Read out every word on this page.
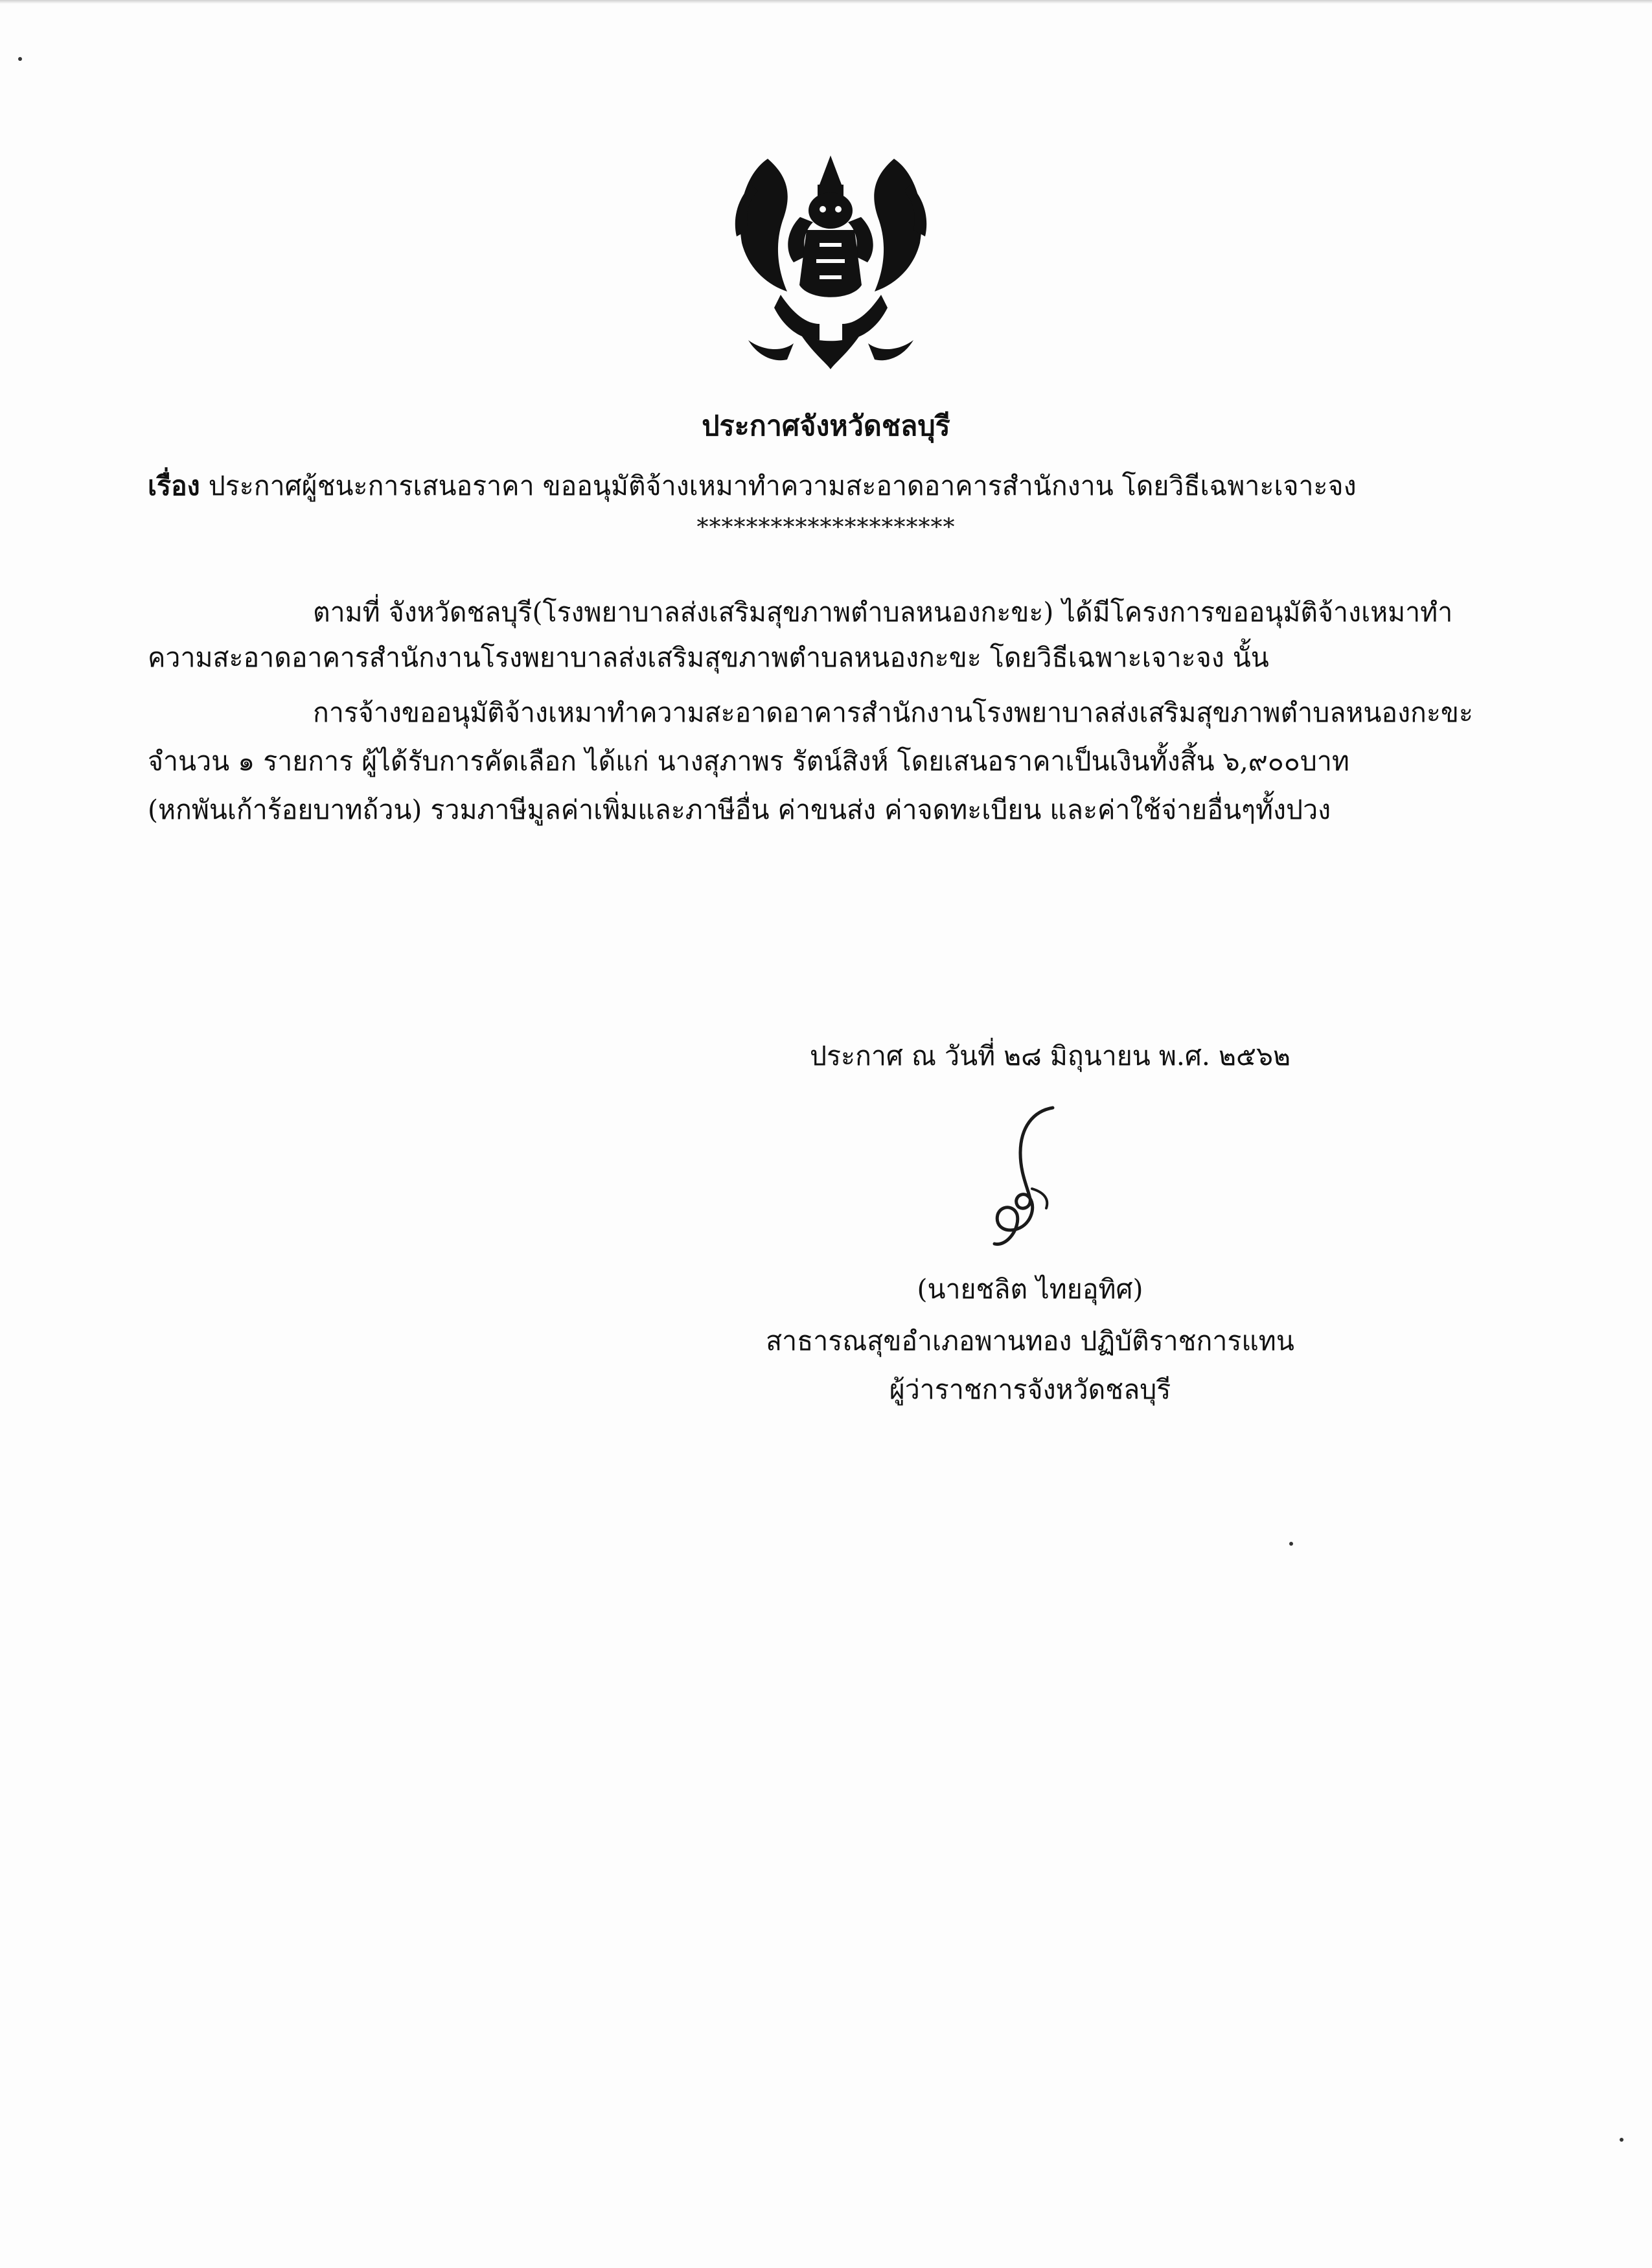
ประกาศจังหวัดชลบุรี
เรื่อง ประกาศผู้ชนะการเสนอราคา ขออนุมัติจ้างเหมาทำความสะอาดอาคารสำนักงาน โดยวิธีเฉพาะเจาะจง
*********************
ตามที่ จังหวัดชลบุรี(โรงพยาบาลส่งเสริมสุขภาพตำบลหนองกะขะ) ได้มีโครงการขออนุมัติจ้างเหมาทำ
ความสะอาดอาคารสำนักงานโรงพยาบาลส่งเสริมสุขภาพตำบลหนองกะขะ โดยวิธีเฉพาะเจาะจง นั้น
การจ้างขออนุมัติจ้างเหมาทำความสะอาดอาคารสำนักงานโรงพยาบาลส่งเสริมสุขภาพตำบลหนองกะขะ
จำนวน ๑ รายการ ผู้ได้รับการคัดเลือก ได้แก่ นางสุภาพร รัตน์สิงห์ โดยเสนอราคาเป็นเงินทั้งสิ้น ๖,๙๐๐บาท
(หกพันเก้าร้อยบาทถ้วน) รวมภาษีมูลค่าเพิ่มและภาษีอื่น ค่าขนส่ง ค่าจดทะเบียน และค่าใช้จ่ายอื่นๆทั้งปวง
ประกาศ ณ วันที่ ๒๘ มิถุนายน พ.ศ. ๒๕๖๒
(นายชลิต ไทยอุทิศ)
สาธารณสุขอำเภอพานทอง ปฏิบัติราชการแทน
ผู้ว่าราชการจังหวัดชลบุรี
